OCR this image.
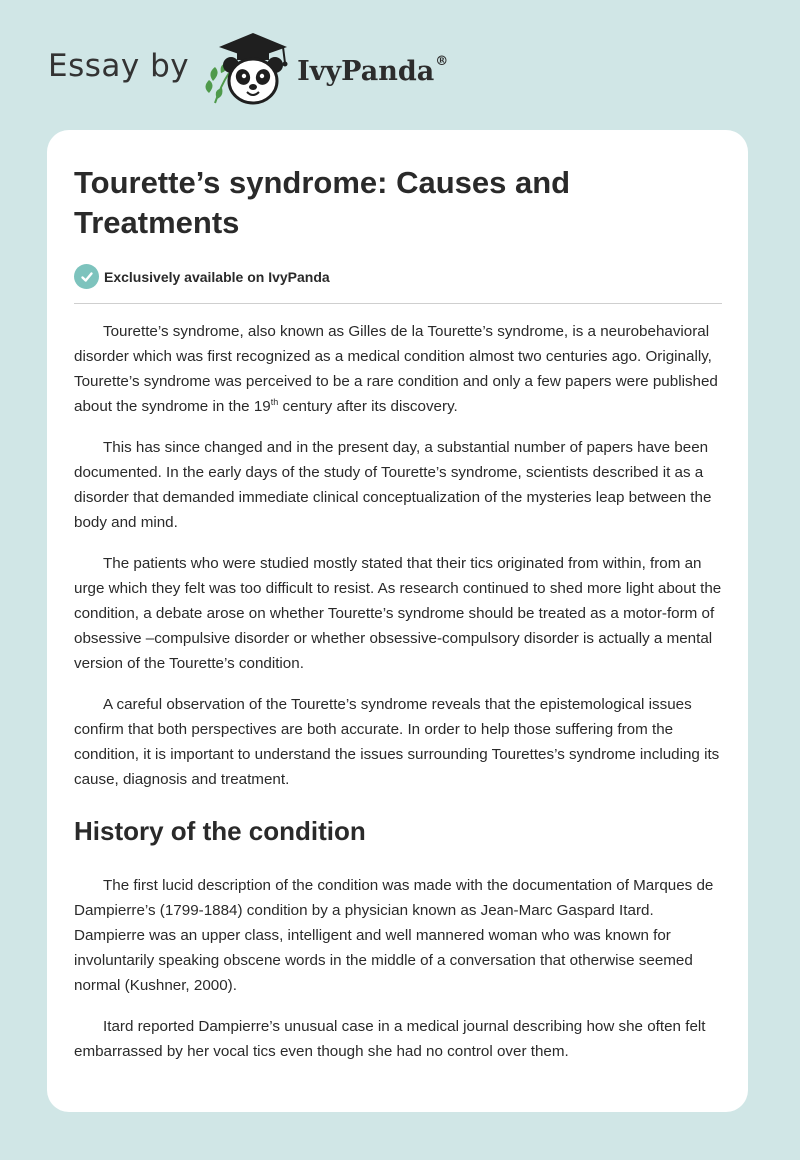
Essay by	IvyPanda®
Tourette’s syndrome: Causes and Treatments
Exclusively available on IvyPanda

Tourette’s syndrome, also known as Gilles de la Tourette’s syndrome, is a neurobehavioral disorder which was first recognized as a medical condition almost two centuries ago. Originally, Tourette’s syndrome was perceived to be a rare condition and only a few papers were published about the syndrome in the 19th century after its discovery.

This has since changed and in the present day, a substantial number of papers have been documented. In the early days of the study of Tourette’s syndrome, scientists described it as a disorder that demanded immediate clinical conceptualization of the mysteries leap between the body and mind.

The patients who were studied mostly stated that their tics originated from within, from an urge which they felt was too difficult to resist. As research continued to shed more light about the condition, a debate arose on whether Tourette’s syndrome should be treated as a motor-form of obsessive –compulsive disorder or whether obsessive-compulsory disorder is actually a mental version of the Tourette’s condition.

A careful observation of the Tourette’s syndrome reveals that the epistemological issues confirm that both perspectives are both accurate. In order to help those suffering from the condition, it is important to understand the issues surrounding Tourettes’s syndrome including its cause, diagnosis and treatment.

History of the condition

The first lucid description of the condition was made with the documentation of Marques de Dampierre’s (1799-1884) condition by a physician known as Jean-Marc Gaspard Itard. Dampierre was an upper class, intelligent and well mannered woman who was known for involuntarily speaking obscene words in the middle of a conversation that otherwise seemed normal (Kushner, 2000).

Itard reported Dampierre’s unusual case in a medical journal describing how she often felt embarrassed by her vocal tics even though she had no control over them.
